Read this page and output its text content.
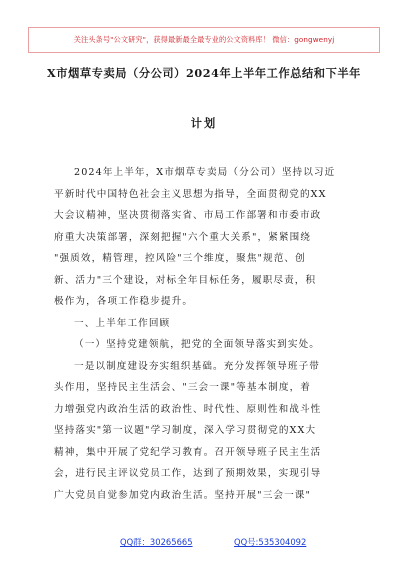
关注头条号"公文研究"，获得最新最全最专业的公文资料库！ 微信：gongwenyj
X市烟草专卖局（分公司）2024年上半年工作总结和下半年
计划
2024年上半年，X市烟草专卖局（分公司）坚持以习近
平新时代中国特色社会主义思想为指导，全面贯彻党的XX
大会议精神，坚决贯彻落实省、市局工作部署和市委市政
府重大决策部署，深刻把握"六个重大关系"，紧紧围绕
"强质效，精管理，控风险"三个维度，聚焦"规范、创
新、活力"三个建设，对标全年目标任务，履职尽责，积
极作为，各项工作稳步提升。
一、上半年工作回顾
（一）坚持党建领航，把党的全面领导落实到实处。
一是以制度建设夯实组织基础。充分发挥领导班子带
头作用，坚持民主生活会、"三会一课"等基本制度，着
力增强党内政治生活的政治性、时代性、原则性和战斗性
坚持落实"第一议题"学习制度，深入学习贯彻党的XX大
精神，集中开展了党纪学习教育。召开领导班子民主生活
会，进行民主评议党员工作，达到了预期效果，实现引导
广大党员自觉参加党内政治生活。坚持开展"三会一课"
QQ群：30265665	QQ号:535304092
